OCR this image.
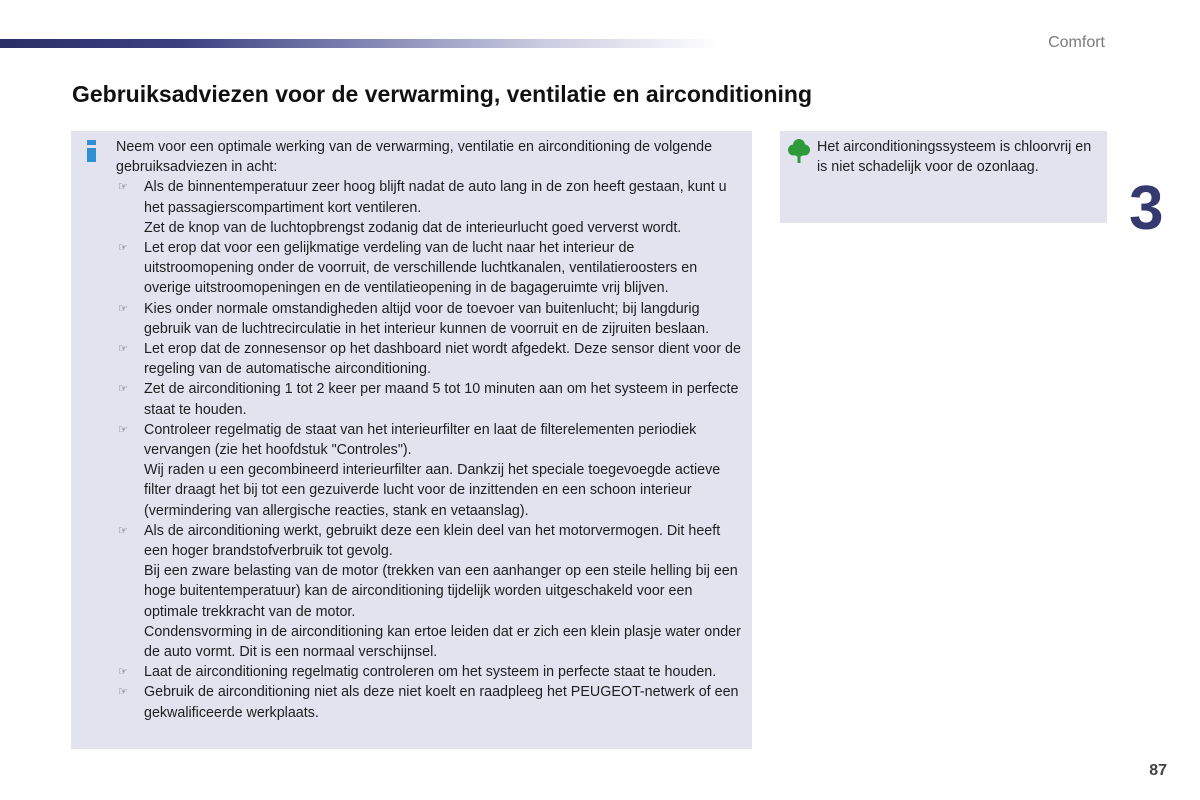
Comfort
Gebruiksadviezen voor de verwarming, ventilatie en airconditioning

Neem voor een optimale werking van de verwarming, ventilatie en airconditioning de volgende gebruiksadviezen in acht:

☞ Als de binnentemperatuur zeer hoog blijft nadat de auto lang in de zon heeft gestaan, kunt u het passagierscompartiment kort ventileren.
Zet de knop van de luchtopbrengst zodanig dat de interieurlucht goed ververst wordt.
☞ Let erop dat voor een gelijkmatige verdeling van de lucht naar het interieur de uitstroomopening onder de voorruit, de verschillende luchtkanalen, ventilatieroosters en overige uitstroomopeningen en de ventilatieopening in de bagageruimte vrij blijven.
☞ Kies onder normale omstandigheden altijd voor de toevoer van buitenlucht; bij langdurig gebruik van de luchtrecirculatie in het interieur kunnen de voorruit en de zijruiten beslaan.
☞ Let erop dat de zonnesensor op het dashboard niet wordt afgedekt. Deze sensor dient voor de regeling van de automatische airconditioning.
☞ Zet de airconditioning 1 tot 2 keer per maand 5 tot 10 minuten aan om het systeem in perfecte staat te houden.
☞ Controleer regelmatig de staat van het interieurfilter en laat de filterelementen periodiek vervangen (zie het hoofdstuk "Controles").
Wij raden u een gecombineerd interieurfilter aan. Dankzij het speciale toegevoegde actieve filter draagt het bij tot een gezuiverde lucht voor de inzittenden en een schoon interieur (vermindering van allergische reacties, stank en vetaanslag).
☞ Als de airconditioning werkt, gebruikt deze een klein deel van het motorvermogen. Dit heeft een hoger brandstofverbruik tot gevolg.
Bij een zware belasting van de motor (trekken van een aanhanger op een steile helling bij een hoge buitentemperatuur) kan de airconditioning tijdelijk worden uitgeschakeld voor een optimale trekkracht van de motor.
Condensvorming in de airconditioning kan ertoe leiden dat er zich een klein plasje water onder de auto vormt. Dit is een normaal verschijnsel.
☞ Laat de airconditioning regelmatig controleren om het systeem in perfecte staat te houden.
☞ Gebruik de airconditioning niet als deze niet koelt en raadpleeg het PEUGEOT-netwerk of een gekwalificeerde werkplaats.

Het airconditioningssysteem is chloorvrij en is niet schadelijk voor de ozonlaag.

3
87
